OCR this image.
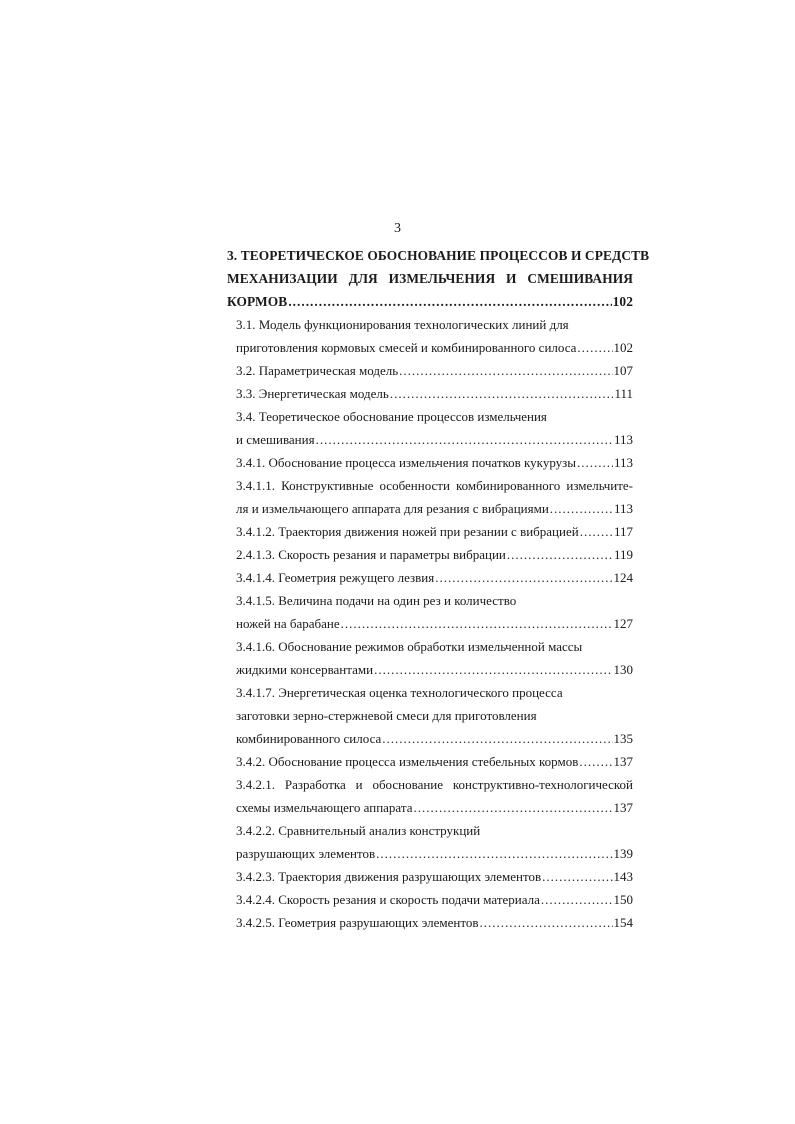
3
3. ТЕОРЕТИЧЕСКОЕ ОБОСНОВАНИЕ ПРОЦЕССОВ И СРЕДСТВ
МЕХАНИЗАЦИИ ДЛЯ ИЗМЕЛЬЧЕНИЯ И СМЕШИВАНИЯ
КОРМОВ .....	102
3.1. Модель функционирования технологических линий для
приготовления кормовых смесей и комбинированного силоса .....	102
3.2. Параметрическая модель .....	107
3.3. Энергетическая модель .....	111
3.4. Теоретическое обоснование процессов измельчения
и смешивания .....	113
3.4.1. Обоснование процесса измельчения початков кукурузы .....	113
3.4.1.1. Конструктивные особенности комбинированного измельчите-
ля и измельчающего аппарата для резания с вибрациями .....	113
3.4.1.2. Траектория движения ножей при резании с вибрацией .....	117
2.4.1.3. Скорость резания и параметры вибрации .....	119
3.4.1.4. Геометрия режущего лезвия .....	124
3.4.1.5. Величина подачи на один рез и количество
ножей на барабане .....	127
3.4.1.6. Обоснование режимов обработки измельченной массы
жидкими консервантами .....	130
3.4.1.7. Энергетическая оценка технологического процесса
заготовки зерно-стержневой смеси для приготовления
комбинированного силоса .....	135
3.4.2. Обоснование процесса измельчения стебельных кормов .....	137
3.4.2.1. Разработка и обоснование конструктивно-технологической
схемы измельчающего аппарата .....	137
3.4.2.2. Сравнительный анализ конструкций
разрушающих элементов .....	139
3.4.2.3. Траектория движения разрушающих элементов .....	143
3.4.2.4. Скорость резания и скорость подачи материала .....	150
3.4.2.5. Геометрия разрушающих элементов .....	154
